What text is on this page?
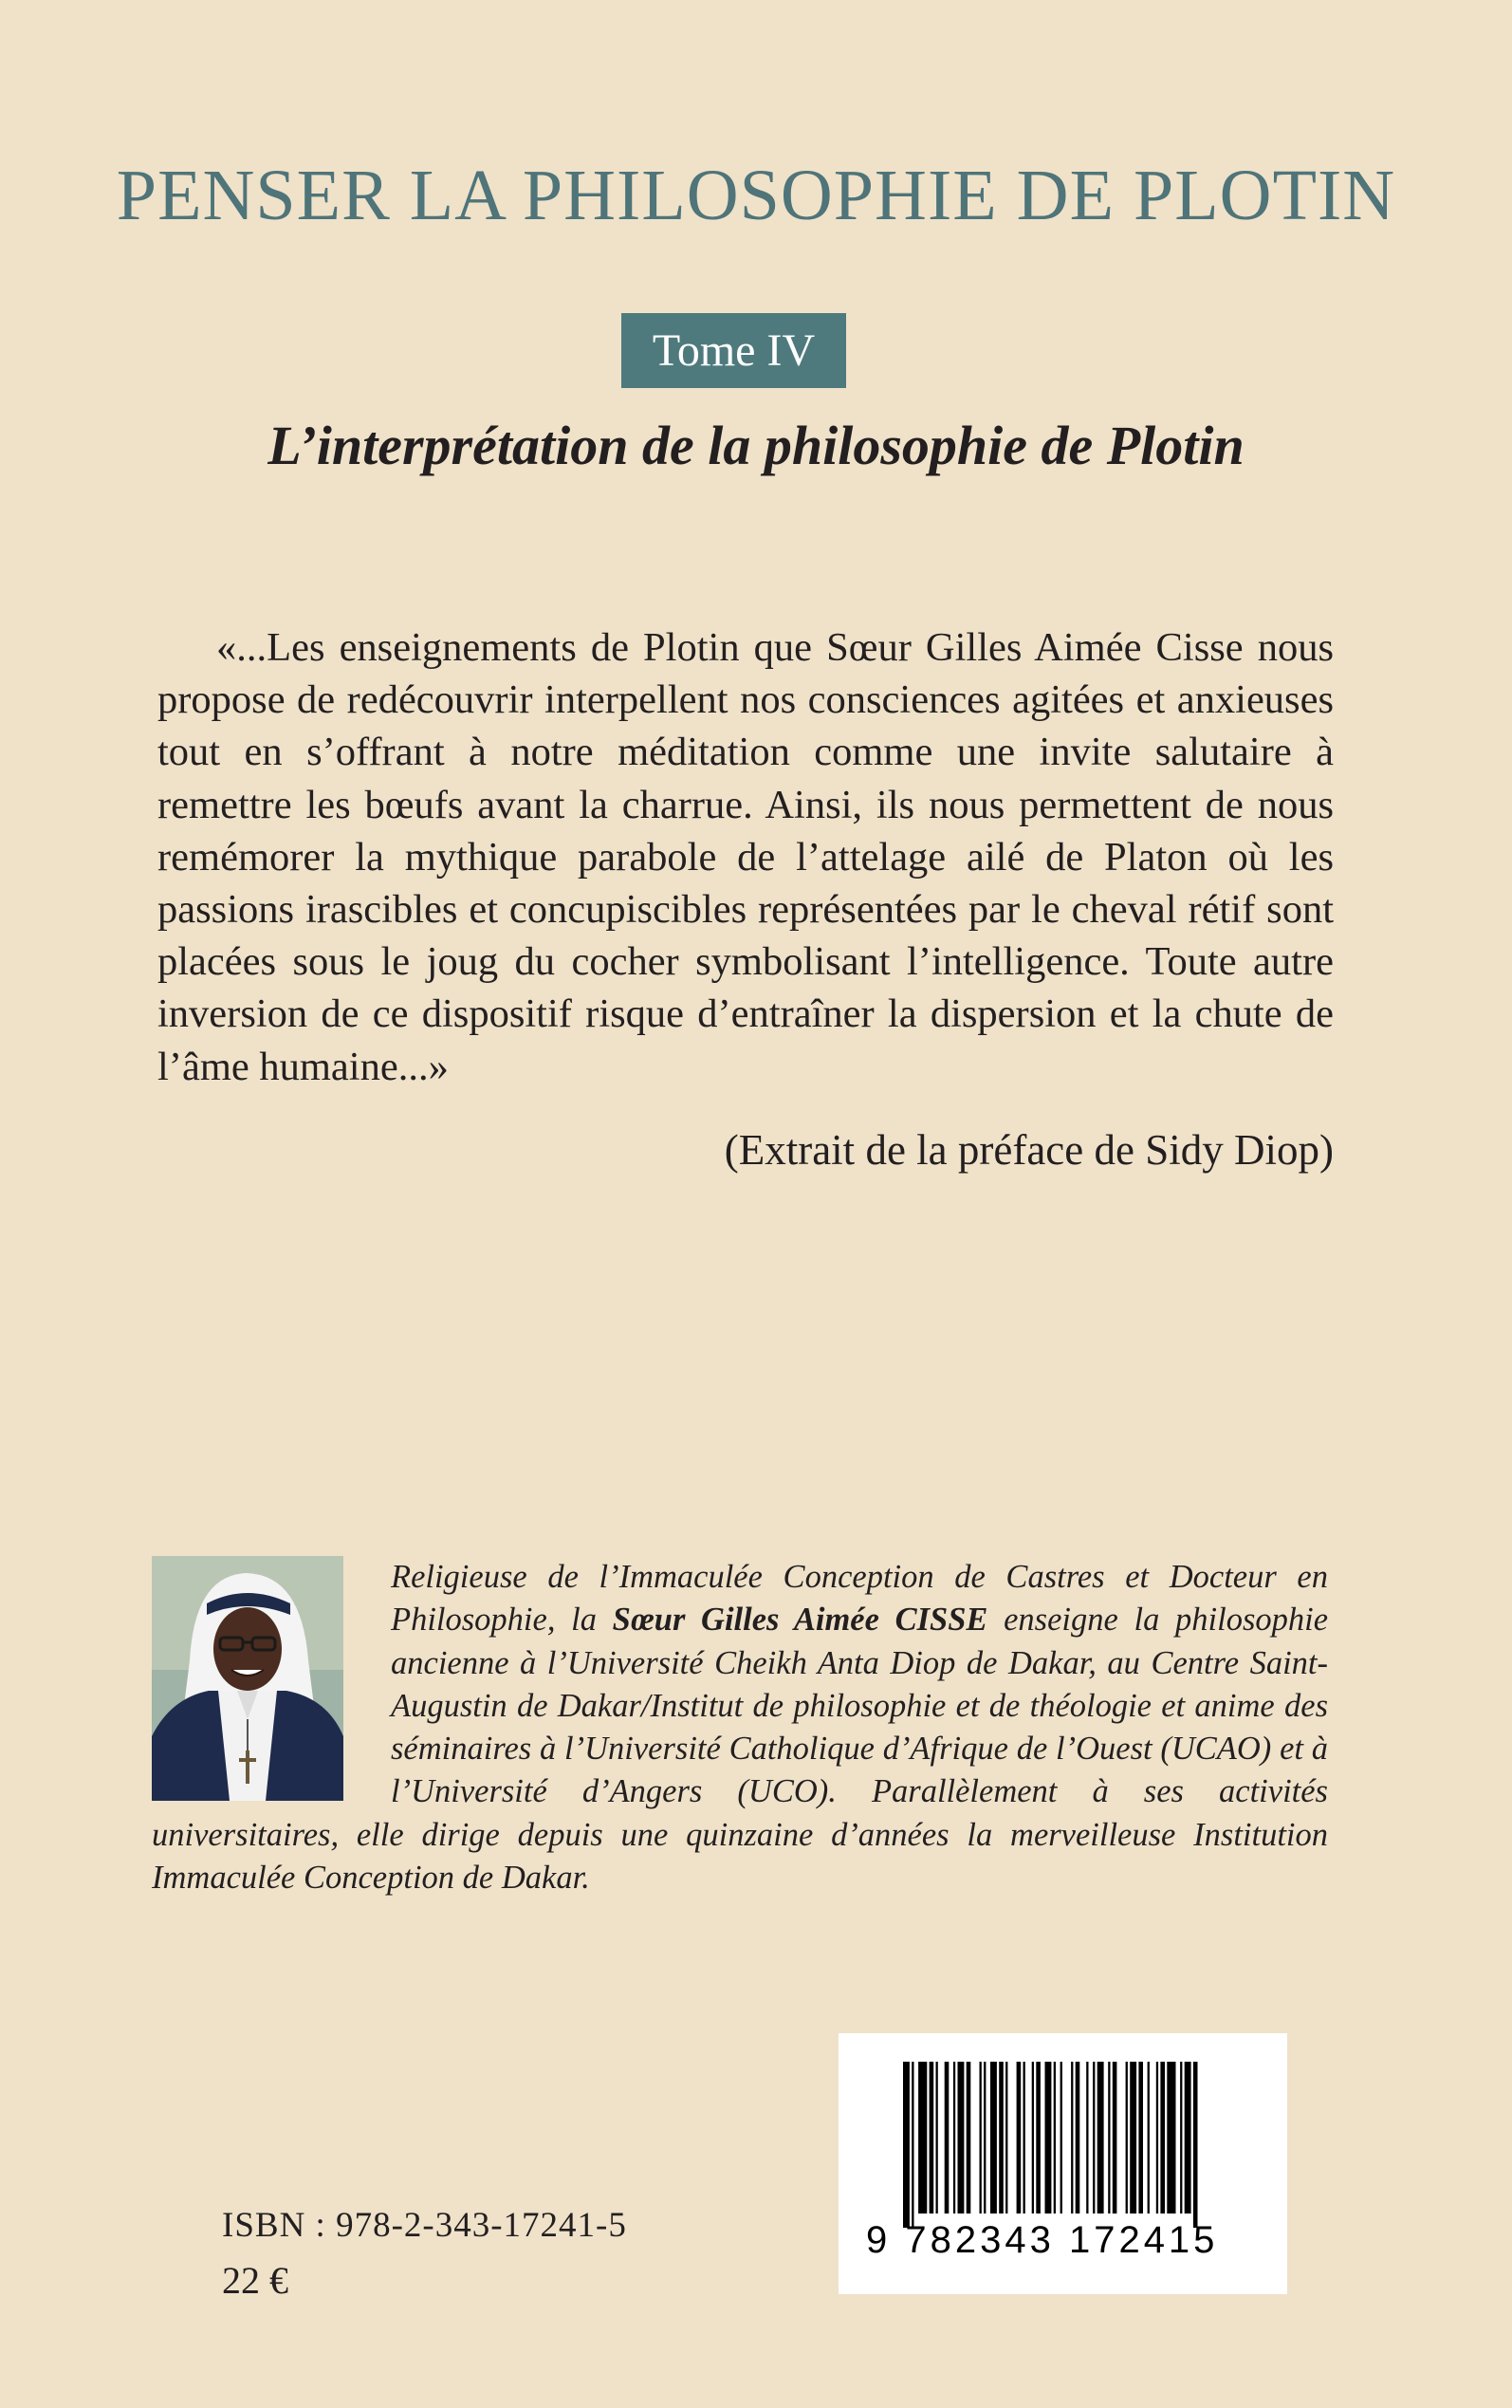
PENSER LA PHILOSOPHIE DE PLOTIN
Tome IV
L’interprétation de la philosophie de Plotin

«...Les enseignements de Plotin que Sœur Gilles Aimée Cisse nous propose de redécouvrir interpellent nos consciences agitées et anxieuses tout en s’offrant à notre méditation comme une invite salutaire à remettre les bœufs avant la charrue. Ainsi, ils nous permettent de nous remémorer la mythique parabole de l’attelage ailé de Platon où les passions irascibles et concupiscibles représentées par le cheval rétif sont placées sous le joug du cocher symbolisant l’intelligence. Toute autre inversion de ce dispositif risque d’entraîner la dispersion et la chute de l’âme humaine...»

(Extrait de la préface de Sidy Diop)

Religieuse de l’Immaculée Conception de Castres et Docteur en Philosophie, la Sœur Gilles Aimée CISSE enseigne la philosophie ancienne à l’Université Cheikh Anta Diop de Dakar, au Centre Saint-Augustin de Dakar/Institut de philosophie et de théologie et anime des séminaires à l’Université Catholique d’Afrique de l’Ouest (UCAO) et à l’Université d’Angers (UCO). Parallèlement à ses activités universitaires, elle dirige depuis une quinzaine d’années la merveilleuse Institution Immaculée Conception de Dakar.

9 782343 172415

ISBN : 978-2-343-17241-5

22 €
